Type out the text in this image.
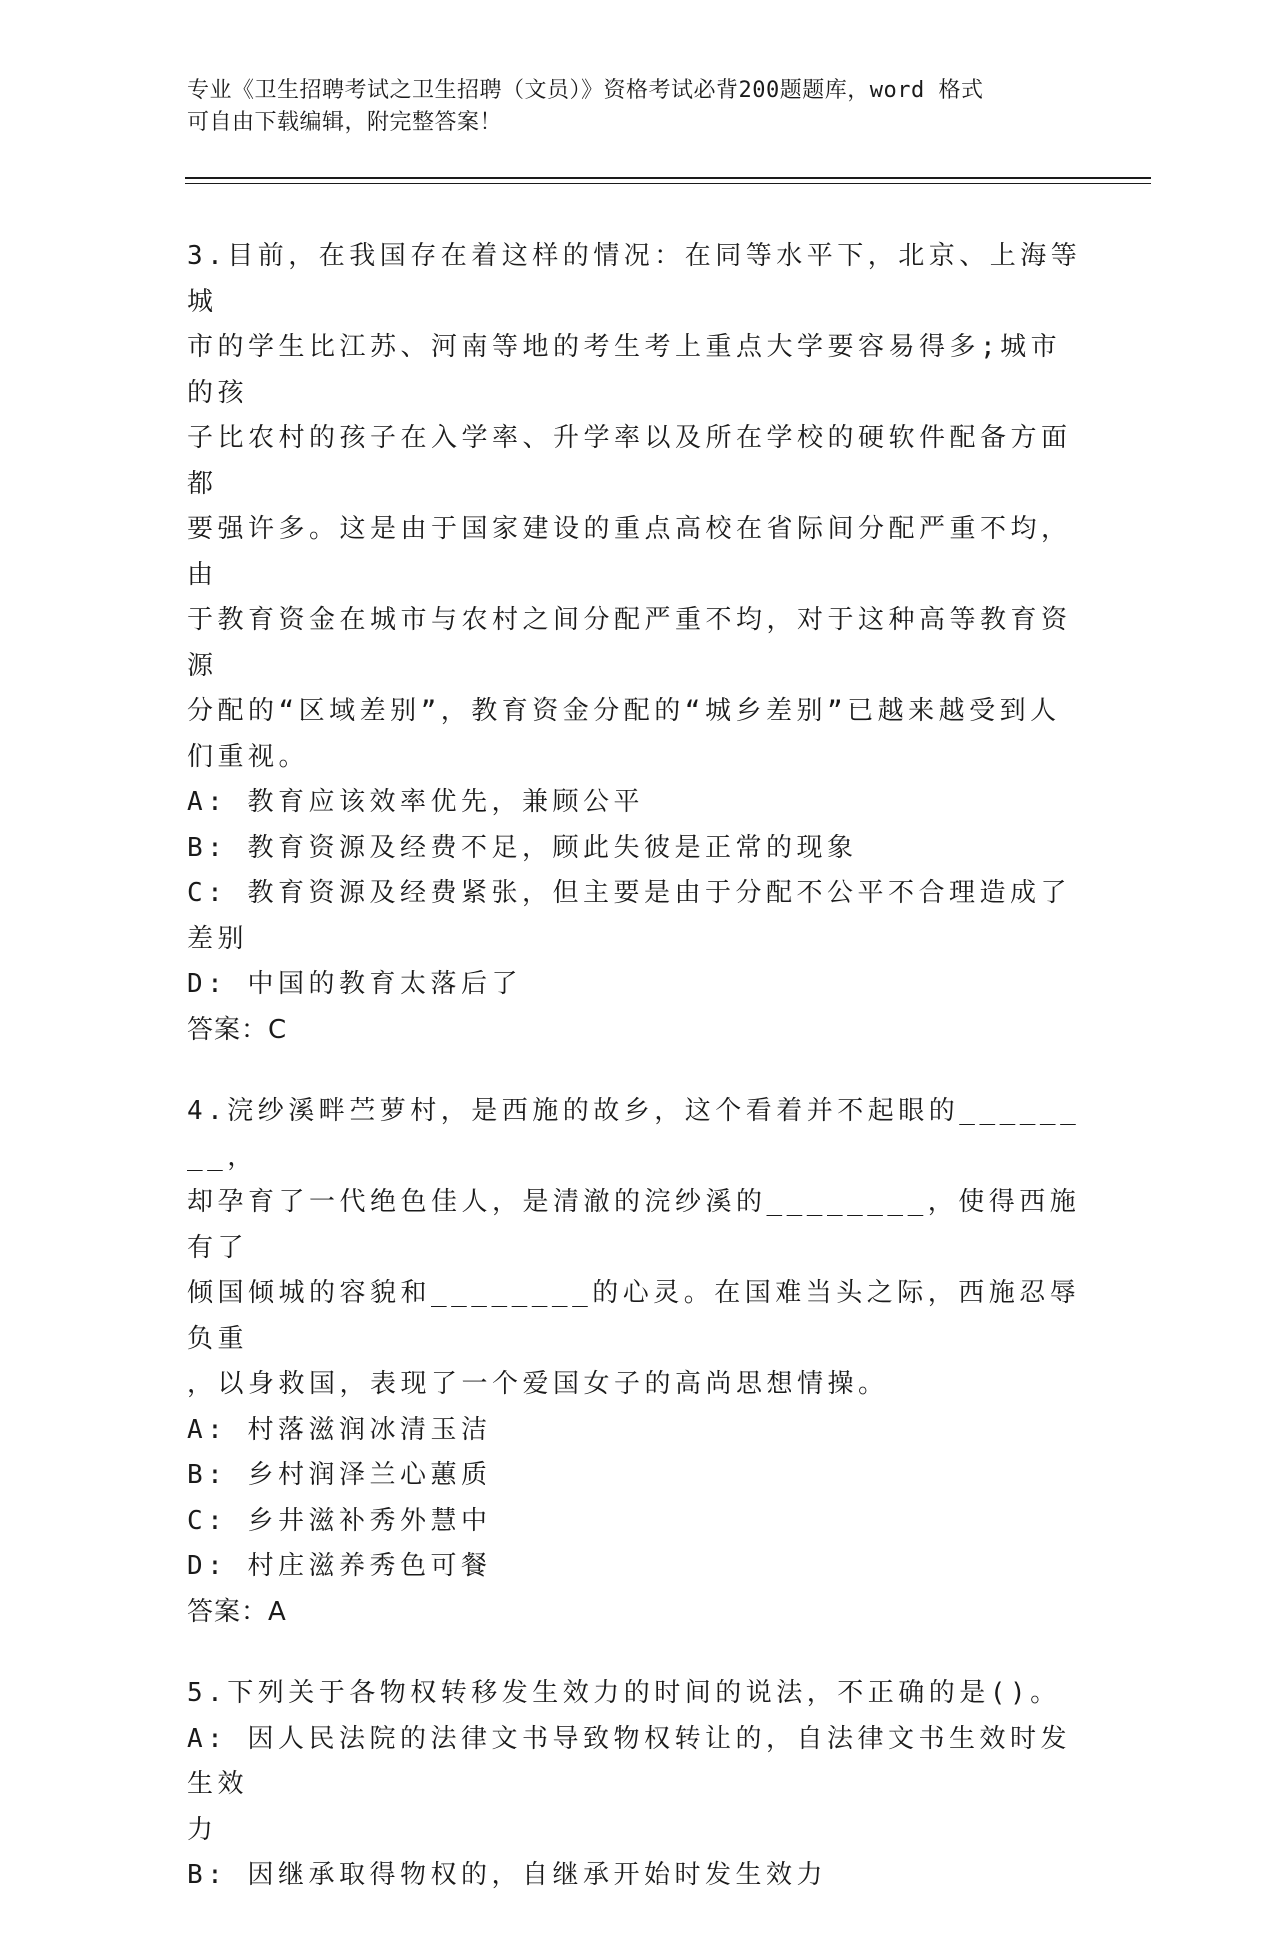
专业《卫生招聘考试之卫生招聘（文员）》资格考试必背200题题库，word 格式
可自由下载编辑，附完整答案！

3.目前，在我国存在着这样的情况：在同等水平下，北京、上海等城

市的学生比江苏、河南等地的考生考上重点大学要容易得多;城市的孩

子比农村的孩子在入学率、升学率以及所在学校的硬软件配备方面都

要强许多。这是由于国家建设的重点高校在省际间分配严重不均，由

于教育资金在城市与农村之间分配严重不均，对于这种高等教育资源

分配的“区域差别”，教育资金分配的“城乡差别”已越来越受到人

们重视。

A: 教育应该效率优先，兼顾公平

B: 教育资源及经费不足，顾此失彼是正常的现象

C: 教育资源及经费紧张，但主要是由于分配不公平不合理造成了差别

D: 中国的教育太落后了

答案：C

4.浣纱溪畔苎萝村，是西施的故乡，这个看着并不起眼的________，

却孕育了一代绝色佳人，是清澈的浣纱溪的________，使得西施有了

倾国倾城的容貌和________的心灵。在国难当头之际，西施忍辱负重

，以身救国，表现了一个爱国女子的高尚思想情操。

A: 村落滋润冰清玉洁

B: 乡村润泽兰心蕙质

C: 乡井滋补秀外慧中

D: 村庄滋养秀色可餐

答案：A

5.下列关于各物权转移发生效力的时间的说法，不正确的是()。

A: 因人民法院的法律文书导致物权转让的，自法律文书生效时发生效

力

B: 因继承取得物权的，自继承开始时发生效力
